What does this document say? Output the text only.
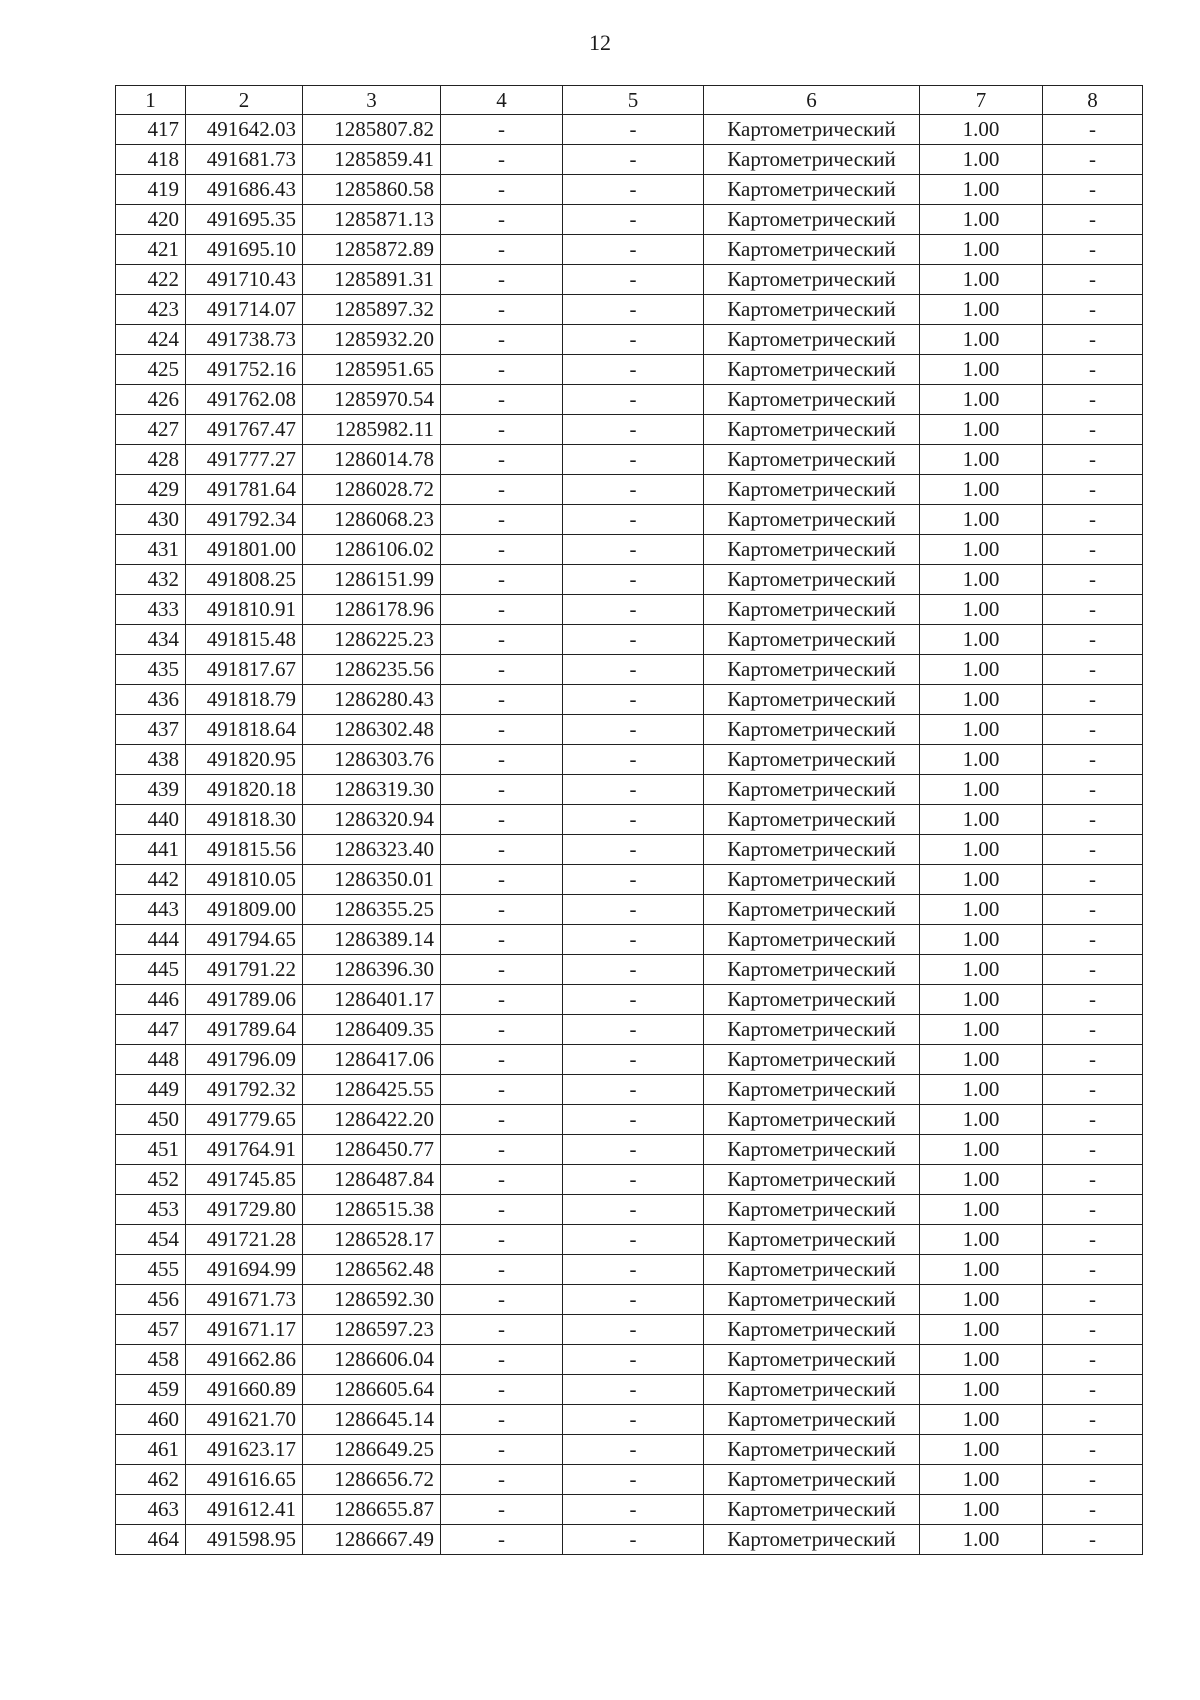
12
1	2	3	4	5	6	7	8
417	491642.03	1285807.82	-	-	Картометрический	1.00	-
418	491681.73	1285859.41	-	-	Картометрический	1.00	-
419	491686.43	1285860.58	-	-	Картометрический	1.00	-
420	491695.35	1285871.13	-	-	Картометрический	1.00	-
421	491695.10	1285872.89	-	-	Картометрический	1.00	-
422	491710.43	1285891.31	-	-	Картометрический	1.00	-
423	491714.07	1285897.32	-	-	Картометрический	1.00	-
424	491738.73	1285932.20	-	-	Картометрический	1.00	-
425	491752.16	1285951.65	-	-	Картометрический	1.00	-
426	491762.08	1285970.54	-	-	Картометрический	1.00	-
427	491767.47	1285982.11	-	-	Картометрический	1.00	-
428	491777.27	1286014.78	-	-	Картометрический	1.00	-
429	491781.64	1286028.72	-	-	Картометрический	1.00	-
430	491792.34	1286068.23	-	-	Картометрический	1.00	-
431	491801.00	1286106.02	-	-	Картометрический	1.00	-
432	491808.25	1286151.99	-	-	Картометрический	1.00	-
433	491810.91	1286178.96	-	-	Картометрический	1.00	-
434	491815.48	1286225.23	-	-	Картометрический	1.00	-
435	491817.67	1286235.56	-	-	Картометрический	1.00	-
436	491818.79	1286280.43	-	-	Картометрический	1.00	-
437	491818.64	1286302.48	-	-	Картометрический	1.00	-
438	491820.95	1286303.76	-	-	Картометрический	1.00	-
439	491820.18	1286319.30	-	-	Картометрический	1.00	-
440	491818.30	1286320.94	-	-	Картометрический	1.00	-
441	491815.56	1286323.40	-	-	Картометрический	1.00	-
442	491810.05	1286350.01	-	-	Картометрический	1.00	-
443	491809.00	1286355.25	-	-	Картометрический	1.00	-
444	491794.65	1286389.14	-	-	Картометрический	1.00	-
445	491791.22	1286396.30	-	-	Картометрический	1.00	-
446	491789.06	1286401.17	-	-	Картометрический	1.00	-
447	491789.64	1286409.35	-	-	Картометрический	1.00	-
448	491796.09	1286417.06	-	-	Картометрический	1.00	-
449	491792.32	1286425.55	-	-	Картометрический	1.00	-
450	491779.65	1286422.20	-	-	Картометрический	1.00	-
451	491764.91	1286450.77	-	-	Картометрический	1.00	-
452	491745.85	1286487.84	-	-	Картометрический	1.00	-
453	491729.80	1286515.38	-	-	Картометрический	1.00	-
454	491721.28	1286528.17	-	-	Картометрический	1.00	-
455	491694.99	1286562.48	-	-	Картометрический	1.00	-
456	491671.73	1286592.30	-	-	Картометрический	1.00	-
457	491671.17	1286597.23	-	-	Картометрический	1.00	-
458	491662.86	1286606.04	-	-	Картометрический	1.00	-
459	491660.89	1286605.64	-	-	Картометрический	1.00	-
460	491621.70	1286645.14	-	-	Картометрический	1.00	-
461	491623.17	1286649.25	-	-	Картометрический	1.00	-
462	491616.65	1286656.72	-	-	Картометрический	1.00	-
463	491612.41	1286655.87	-	-	Картометрический	1.00	-
464	491598.95	1286667.49	-	-	Картометрический	1.00	-
